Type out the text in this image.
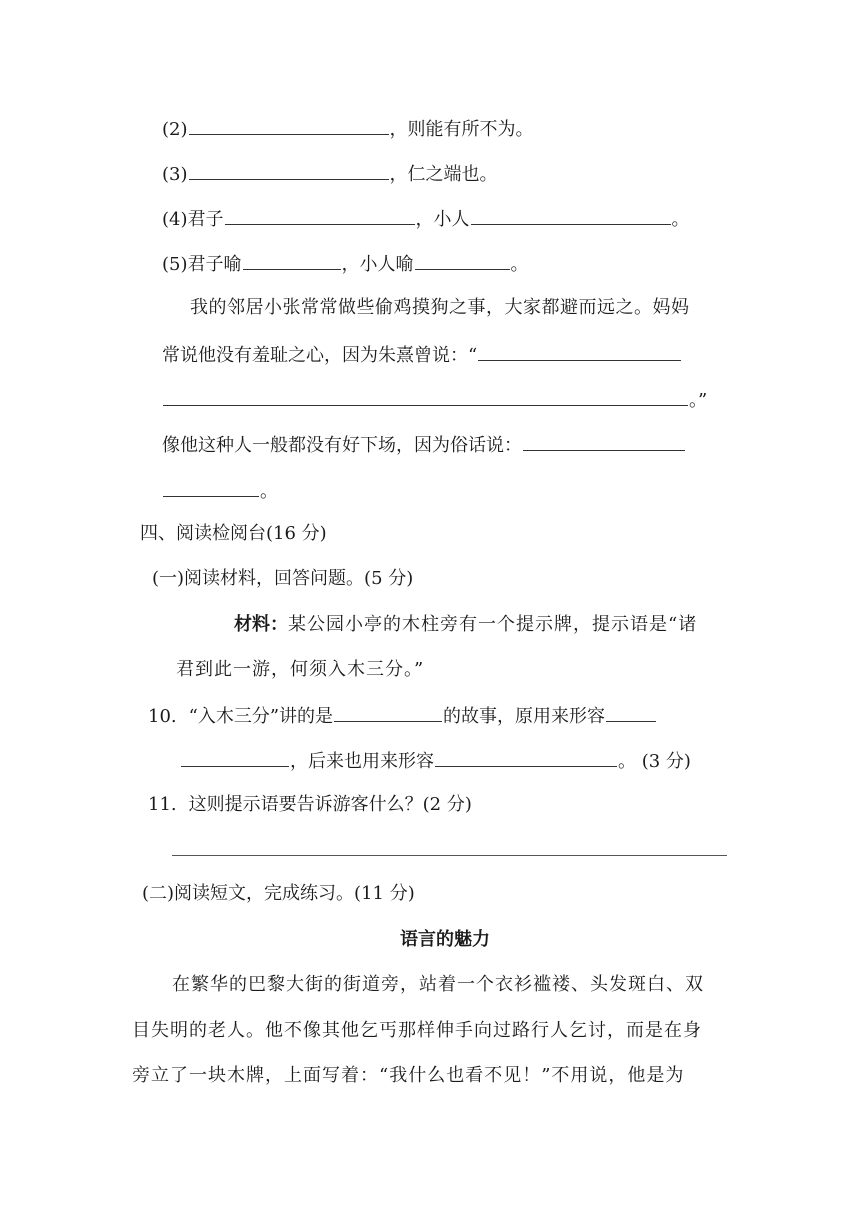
(2)	，则能有所不为。
(3)	，仁之端也。
(4)君子	，小人	。
(5)君子喻	，小人喻	。
我的邻居小张常常做些偷鸡摸狗之事，大家都避而远之。妈妈
常说他没有羞耻之心，因为朱熹曾说：“
。”
像他这种人一般都没有好下场，因为俗话说：
。
四、阅读检阅台(16 分)
(一)阅读材料，回答问题。(5 分)
材料：某公园小亭的木柱旁有一个提示牌，提示语是“诸
君到此一游，何须入木三分。”
10. “入木三分”讲的是	的故事，原用来形容
，后来也用来形容	。 (3 分)
11. 这则提示语要告诉游客什么？(2 分)
(二)阅读短文，完成练习。(11 分)
语言的魅力
在繁华的巴黎大街的街道旁，站着一个衣衫褴褛、头发斑白、双
目失明的老人。他不像其他乞丐那样伸手向过路行人乞讨，而是在身
旁立了一块木牌，上面写着：“我什么也看不见！”不用说，他是为
